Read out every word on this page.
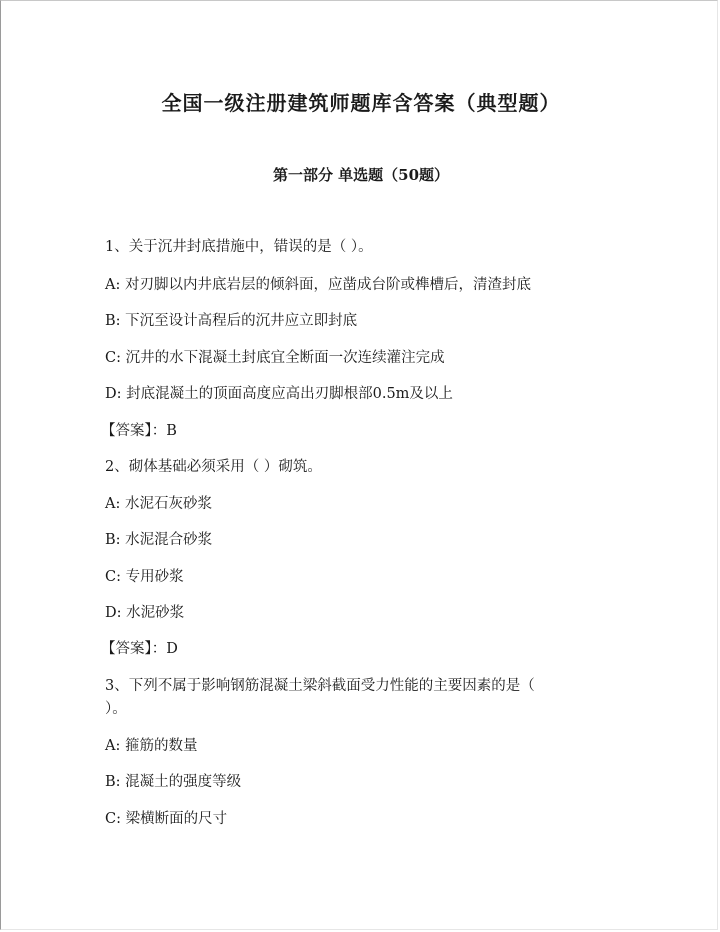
全国一级注册建筑师题库含答案（典型题）
第一部分 单选题（50题）

1、关于沉井封底措施中，错误的是（ ）。

A: 对刃脚以内井底岩层的倾斜面，应凿成台阶或榫槽后，清渣封底

B: 下沉至设计高程后的沉井应立即封底

C: 沉井的水下混凝土封底宜全断面一次连续灌注完成

D: 封底混凝土的顶面高度应高出刃脚根部0.5m及以上

【答案】：B

2、砌体基础必须采用（ ）砌筑。

A: 水泥石灰砂浆

B: 水泥混合砂浆

C: 专用砂浆

D: 水泥砂浆

【答案】：D

3、下列不属于影响钢筋混凝土梁斜截面受力性能的主要因素的是（

）。

A: 箍筋的数量

B: 混凝土的强度等级

C: 梁横断面的尺寸
